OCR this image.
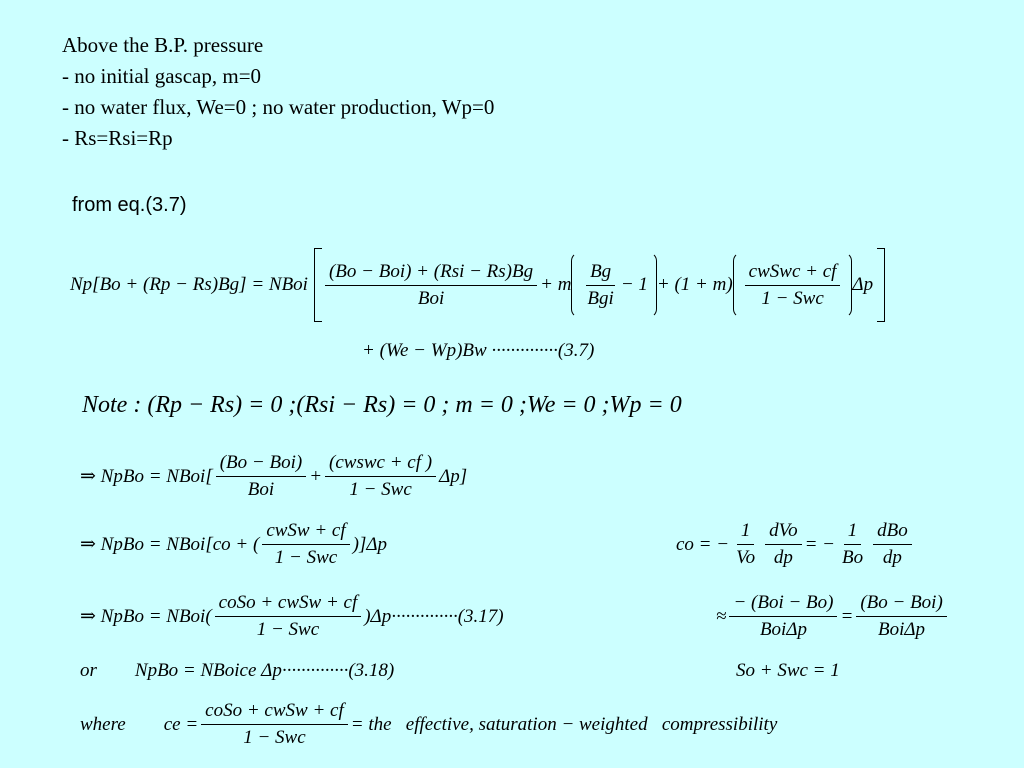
Above the B.P. pressure
- no initial gascap, m=0
- no water flux, We=0 ; no water production, Wp=0
- Rs=Rsi=Rp
from eq.(3.7)
Np[Bo + (Rp − Rs)Bg] = NBoi $\frac{\text{(Bo − Boi) + (Rsi − Rs)Bg}}{\text{Boi}} + m \frac{Bg}{\text{Bgi}} - 1 + (1 + m) \frac{\text{cwSwc + cf}}{\text{1 − Swc}}$ Δp
+ (We − Wp)Bw ··············(3.7)
Note : (Rp − Rs) = 0 ;(Rsi − Rs) = 0 ; m = 0 ;We = 0 ;Wp = 0
⇒ NpBo = NBoi[ $\frac{\text{(Bo − Boi)}}{\text{Boi}} + \frac{\text{(cwswc + cf )}}{\text{1 − Swc}} \Delta p$]
⇒ NpBo = NBoi[co + ( $\frac{\text{cwSw + cf}}{\text{1 − Swc}} )]\Delta p$	co = − $\frac{1}{Vo} \frac{\text{dVo}}{dp}$ = − $\frac{1}{Bo} \frac{\text{dBo}}{dp}$
⇒ NpBo = NBoi( $\frac{\text{coSo + cwSw + cf}}{\text{1 − Swc}} )\Delta p\cdot\cdot\cdot\cdot\cdot\cdot\cdot\cdot\cdot\cdot\cdot\cdot\cdot\cdot(3.17)$	≈ $\frac{\text{− (Boi − Bo)}}{\text{BoiΔp}} = \frac{\text{(Bo − Boi)}}{\text{BoiΔp}}$
or        NpBo = NBoice Δp··············(3.18)	So + Swc = 1
where        ce = $\frac{\text{coSo + cwSw + cf}}{\text{1 − Swc}}$ = the   effective, saturation − weighted   compressibility
